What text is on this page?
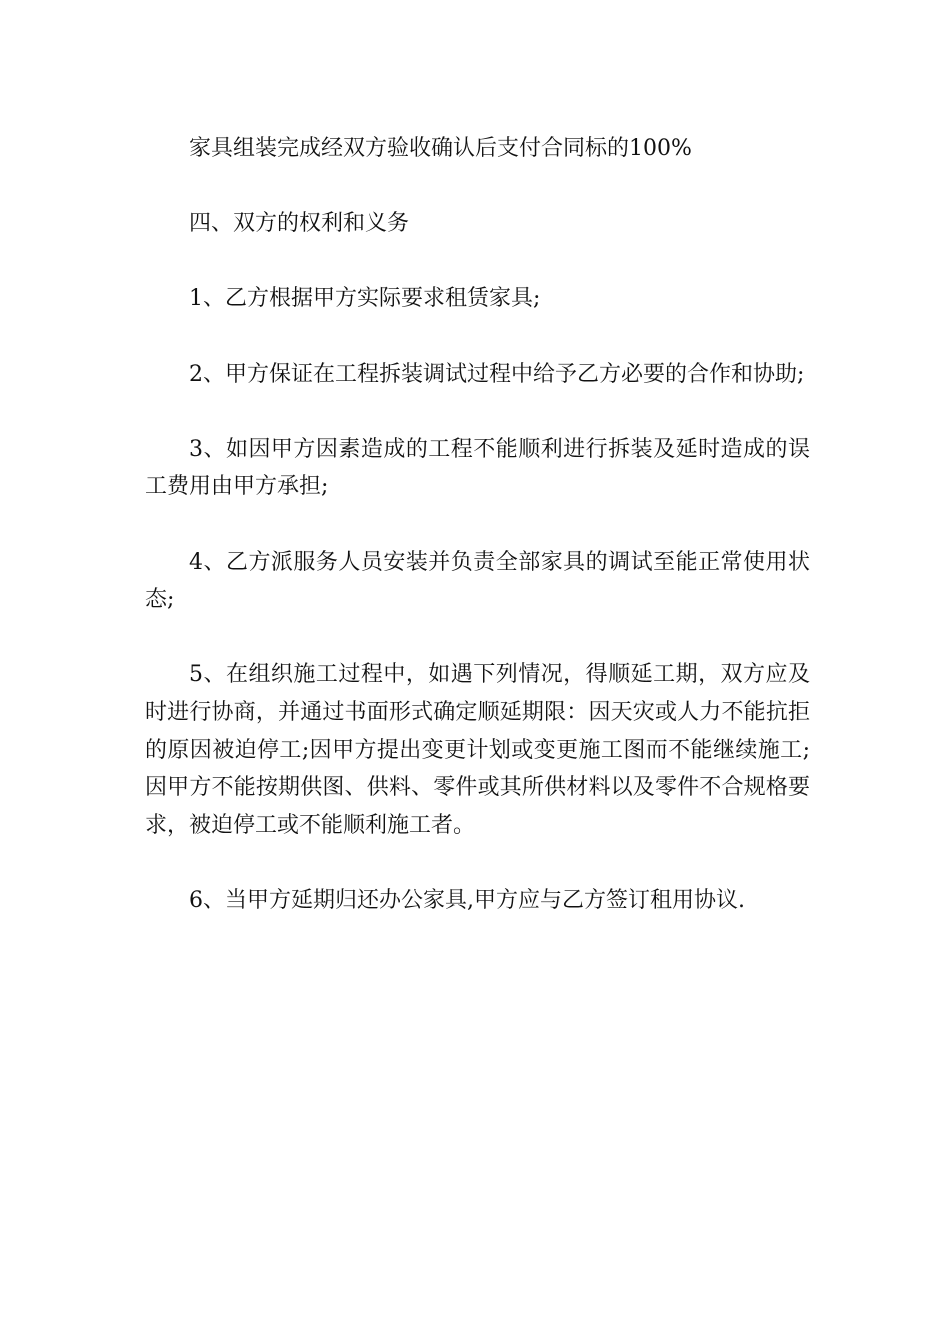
家具组装完成经双方验收确认后支付合同标的100%

四、双方的权利和义务

1、乙方根据甲方实际要求租赁家具;

2、甲方保证在工程拆装调试过程中给予乙方必要的合作和协助;

3、如因甲方因素造成的工程不能顺利进行拆装及延时造成的误工费用由甲方承担;

4、乙方派服务人员安装并负责全部家具的调试至能正常使用状态;

5、在组织施工过程中，如遇下列情况，得顺延工期，双方应及时进行协商，并通过书面形式确定顺延期限：因天灾或人力不能抗拒的原因被迫停工;因甲方提出变更计划或变更施工图而不能继续施工;因甲方不能按期供图、供料、零件或其所供材料以及零件不合规格要求，被迫停工或不能顺利施工者。

6、当甲方延期归还办公家具,甲方应与乙方签订租用协议.
